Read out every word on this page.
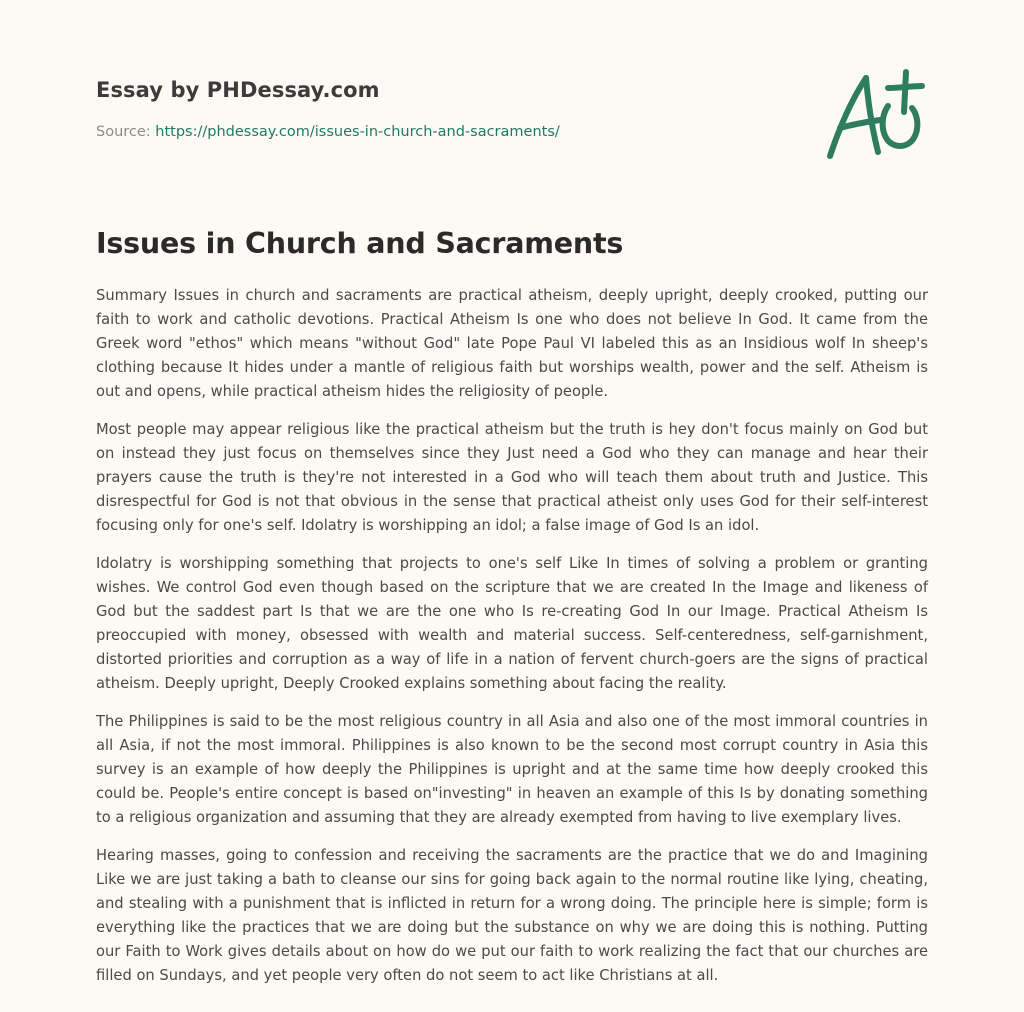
Essay by PHDessay.com
Source: https://phdessay.com/issues-in-church-and-sacraments/
Issues in Church and Sacraments

Summary Issues in church and sacraments are practical atheism, deeply upright, deeply crooked, putting our faith to work and catholic devotions. Practical Atheism Is one who does not believe In God. It came from the Greek word "ethos" which means "without God" late Pope Paul VI labeled this as an Insidious wolf In sheep's clothing because It hides under a mantle of religious faith but worships wealth, power and the self. Atheism is out and opens, while practical atheism hides the religiosity of people.

Most people may appear religious like the practical atheism but the truth is hey don't focus mainly on God but on instead they just focus on themselves since they Just need a God who they can manage and hear their prayers cause the truth is they're not interested in a God who will teach them about truth and Justice. This disrespectful for God is not that obvious in the sense that practical atheist only uses God for their self-interest focusing only for one's self. Idolatry is worshipping an idol; a false image of God Is an idol.

Idolatry is worshipping something that projects to one's self Like In times of solving a problem or granting wishes. We control God even though based on the scripture that we are created In the Image and likeness of God but the saddest part Is that we are the one who Is re-creating God In our Image. Practical Atheism Is preoccupied with money, obsessed with wealth and material success. Self-centeredness, self-garnishment, distorted priorities and corruption as a way of life in a nation of fervent church-goers are the signs of practical atheism. Deeply upright, Deeply Crooked explains something about facing the reality.

The Philippines is said to be the most religious country in all Asia and also one of the most immoral countries in all Asia, if not the most immoral. Philippines is also known to be the second most corrupt country in Asia this survey is an example of how deeply the Philippines is upright and at the same time how deeply crooked this could be. People's entire concept is based on"investing" in heaven an example of this Is by donating something to a religious organization and assuming that they are already exempted from having to live exemplary lives.

Hearing masses, going to confession and receiving the sacraments are the practice that we do and Imagining Like we are just taking a bath to cleanse our sins for going back again to the normal routine like lying, cheating, and stealing with a punishment that is inflicted in return for a wrong doing. The principle here is simple; form is everything like the practices that we are doing but the substance on why we are doing this is nothing. Putting our Faith to Work gives details about on how do we put our faith to work realizing the fact that our churches are filled on Sundays, and yet people very often do not seem to act like Christians at all.
